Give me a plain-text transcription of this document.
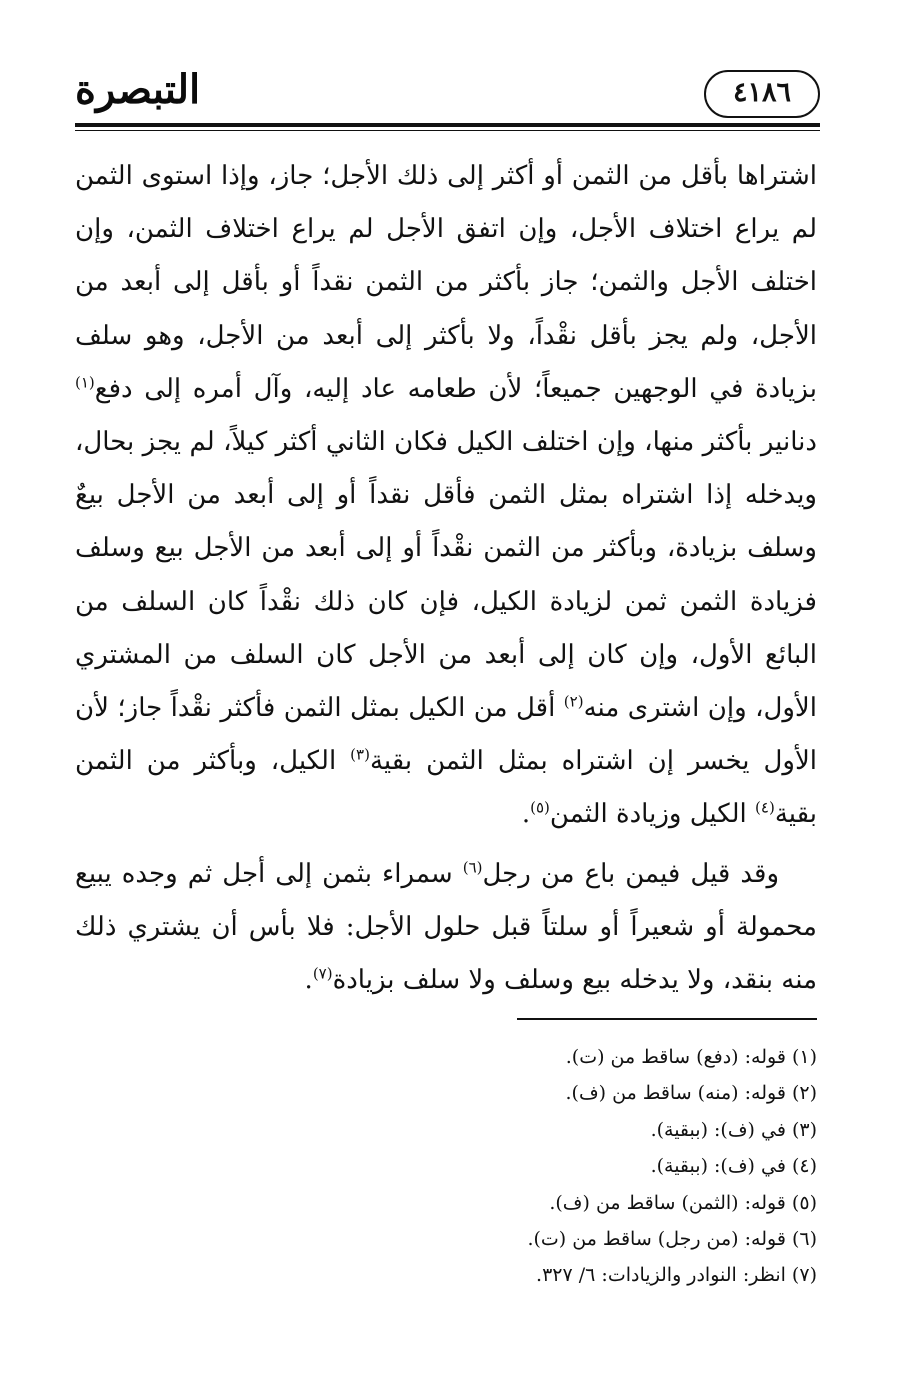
٤١٨٦
التبصرة

اشتراها بأقل من الثمن أو أكثر إلى ذلك الأجل؛ جاز، وإذا استوى الثمن لم يراع اختلاف الأجل، وإن اتفق الأجل لم يراع اختلاف الثمن، وإن اختلف الأجل والثمن؛ جاز بأكثر من الثمن نقداً أو بأقل إلى أبعد من الأجل، ولم يجز بأقل نقْداً، ولا بأكثر إلى أبعد من الأجل، وهو سلف بزيادة في الوجهين جميعاً؛ لأن طعامه عاد إليه، وآل أمره إلى دفع$^{(١)}$ دنانير بأكثر منها، وإن اختلف الكيل فكان الثاني أكثر كيلاً، لم يجز بحال، ويدخله إذا اشتراه بمثل الثمن فأقل نقداً أو إلى أبعد من الأجل بيعٌ وسلف بزيادة، وبأكثر من الثمن نقْداً أو إلى أبعد من الأجل بيع وسلف فزيادة الثمن ثمن لزيادة الكيل، فإن كان ذلك نقْداً كان السلف من البائع الأول، وإن كان إلى أبعد من الأجل كان السلف من المشتري الأول، وإن اشترى منه$^{(٢)}$ أقل من الكيل بمثل الثمن فأكثر نقْداً جاز؛ لأن الأول يخسر إن اشتراه بمثل الثمن بقية$^{(٣)}$ الكيل، وبأكثر من الثمن بقية$^{(٤)}$ الكيل وزيادة الثمن$^{(٥)}$.

وقد قيل فيمن باع من رجل$^{(٦)}$ سمراء بثمن إلى أجل ثم وجده يبيع محمولة أو شعيراً أو سلتاً قبل حلول الأجل: فلا بأس أن يشتري ذلك منه بنقد، ولا يدخله بيع وسلف ولا سلف بزيادة$^{(٧)}$.

(١) قوله: (دفع) ساقط من (ت).
(٢) قوله: (منه) ساقط من (ف).
(٣) في (ف): (ببقية).
(٤) في (ف): (ببقية).
(٥) قوله: (الثمن) ساقط من (ف).
(٦) قوله: (من رجل) ساقط من (ت).
(٧) انظر: النوادر والزيادات: ٦/ ٣٢٧.
